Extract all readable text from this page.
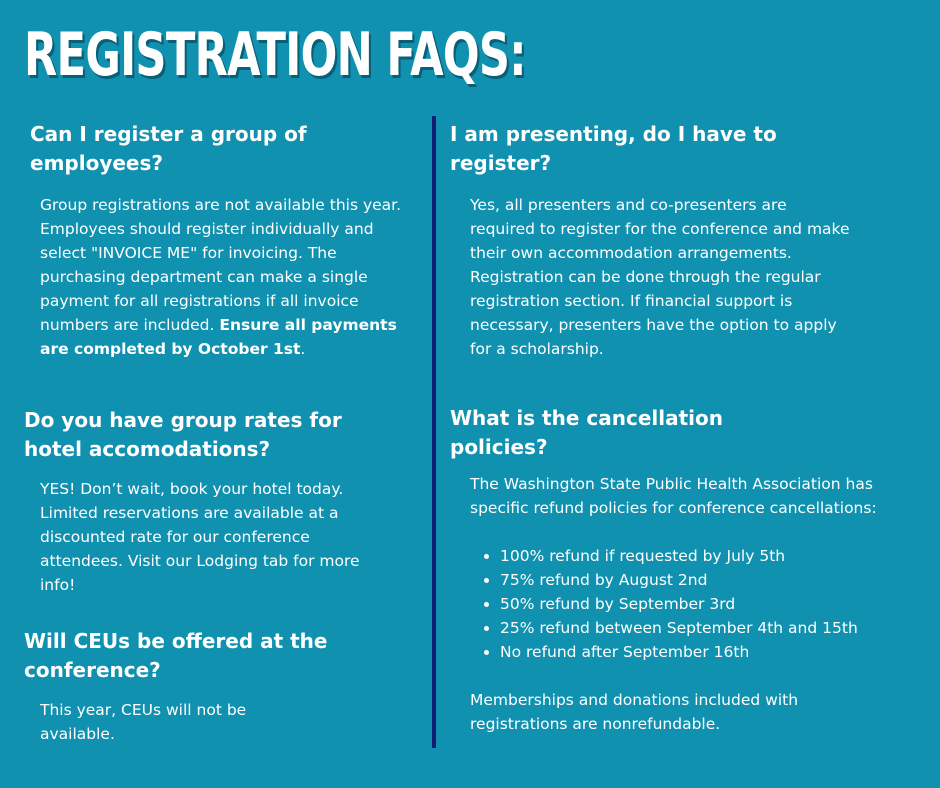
REGISTRATION FAQS:
Can I register a group of employees?
Group registrations are not available this year. Employees should register individually and select "INVOICE ME" for invoicing. The purchasing department can make a single payment for all registrations if all invoice numbers are included. Ensure all payments are completed by October 1st.
Do you have group rates for hotel accomodations?
YES! Don’t wait, book your hotel today. Limited reservations are available at a discounted rate for our conference attendees. Visit our Lodging tab for more info!
Will CEUs be offered at the conference?
This year, CEUs will not be available.
I am presenting, do I have to register?
Yes, all presenters and co-presenters are required to register for the conference and make their own accommodation arrangements. Registration can be done through the regular registration section. If financial support is necessary, presenters have the option to apply for a scholarship.
What is the cancellation policies?
The Washington State Public Health Association has specific refund policies for conference cancellations:
• 100% refund if requested by July 5th
• 75% refund by August 2nd
• 50% refund by September 3rd
• 25% refund between September 4th and 15th
• No refund after September 16th
Memberships and donations included with registrations are nonrefundable.
